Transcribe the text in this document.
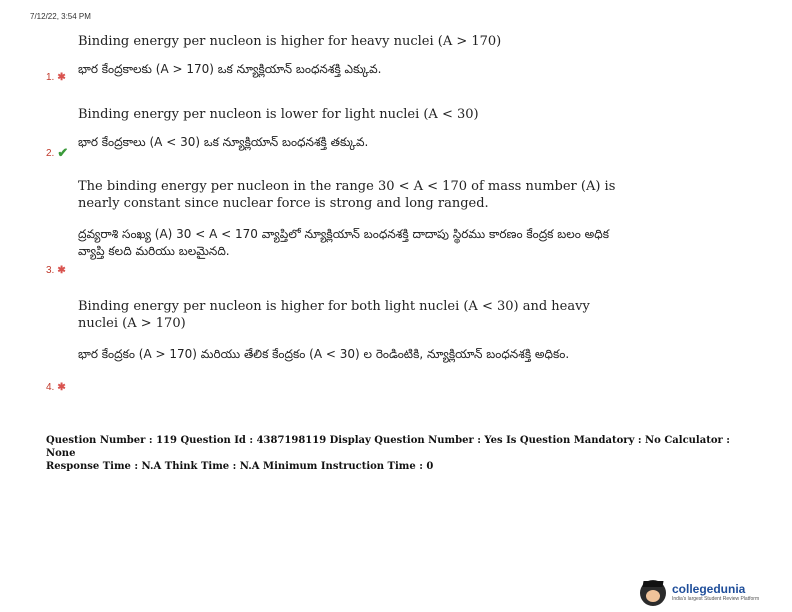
7/12/22, 3:54 PM
Binding energy per nucleon is higher for heavy nuclei (A > 170)
భార కేంద్రకాలకు (A > 170) ఒక న్యూక్లియాన్ బంధనశక్తి ఎక్కువ.
1. ✱
Binding energy per nucleon is lower for light nuclei (A < 30)
భార కేంద్రకాలు (A < 30) ఒక న్యూక్లియాన్ బంధనశక్తి తక్కువ.
2. ✔
The binding energy per nucleon in the range 30 < A < 170 of mass number (A) is nearly constant since nuclear force is strong and long ranged.
ద్రవ్యరాశి సంఖ్య (A) 30 < A < 170 వ్యాప్తిలో న్యూక్లియాన్ బంధనశక్తి దాదాపు స్థిరము కారణం కేంద్రక బలం అధిక వ్యాప్తి కలది మరియు బలమైనది.
3. ✱
Binding energy per nucleon is higher for both light nuclei (A < 30) and heavy nuclei (A > 170)
భార కేంద్రకం (A > 170) మరియు తేలిక కేంద్రకం (A < 30) ల రెండింటికి, న్యూక్లియాన్ బంధనశక్తి అధికం.
4. ✱
Question Number : 119 Question Id : 4387198119 Display Question Number : Yes Is Question Mandatory : No Calculator : None
Response Time : N.A Think Time : N.A Minimum Instruction Time : 0
collegedunia
India's largest Student Review Platform
